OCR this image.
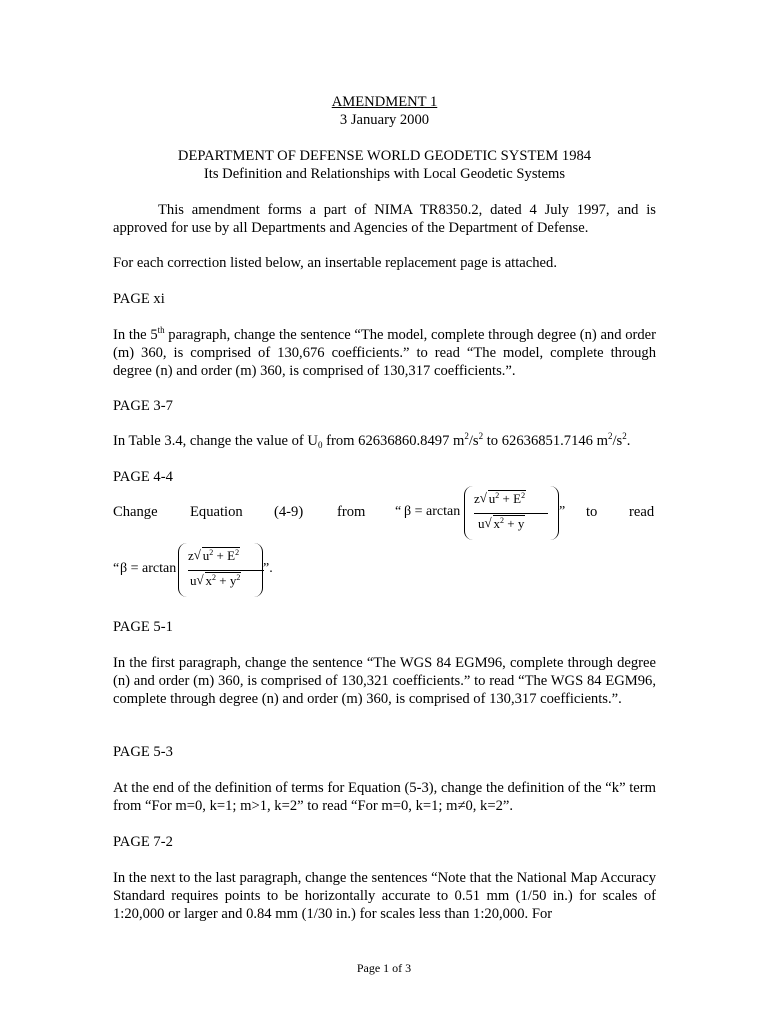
AMENDMENT 1
3 January 2000
DEPARTMENT OF DEFENSE WORLD GEODETIC SYSTEM 1984
Its Definition and Relationships with Local Geodetic Systems
This amendment forms a part of NIMA TR8350.2, dated 4 July 1997, and is approved for use by all Departments and Agencies of the Department of Defense.
For each correction listed below, an insertable replacement page is attached.
PAGE xi
In the 5th paragraph, change the sentence “The model, complete through degree (n) and order (m) 360, is comprised of 130,676 coefficients.” to read “The model, complete through degree (n) and order (m) 360, is comprised of 130,317 coefficients.”.
PAGE 3-7
In Table 3.4, change the value of $U_0$ from 62636860.8497 $m^2/s^2$ to 62636851.7146 $m^2/s^2$.
PAGE 4-4
Change Equation (4-9) from “ β = arctan
z √ $u^2 + E^2$
u √ $x^2 + y$
” to read
“ β = arctan
z √ $u^2 + E^2$
u √ $x^2 + y^2$
”.
PAGE 5-1
In the first paragraph, change the sentence “The WGS 84 EGM96, complete through degree (n) and order (m) 360, is comprised of 130,321 coefficients.” to read “The WGS 84 EGM96, complete through degree (n) and order (m) 360, is comprised of 130,317 coefficients.”.
PAGE 5-3
At the end of the definition of terms for Equation (5-3), change the definition of the “k” term from “For m=0, k=1; m>1, k=2” to read “For m=0, k=1; m≠0, k=2”.
PAGE 7-2
In the next to the last paragraph, change the sentences “Note that the National Map Accuracy Standard requires points to be horizontally accurate to 0.51 mm (1/50 in.) for scales of 1:20,000 or larger and 0.84 mm (1/30 in.) for scales less than 1:20,000. For
Page 1 of 3
